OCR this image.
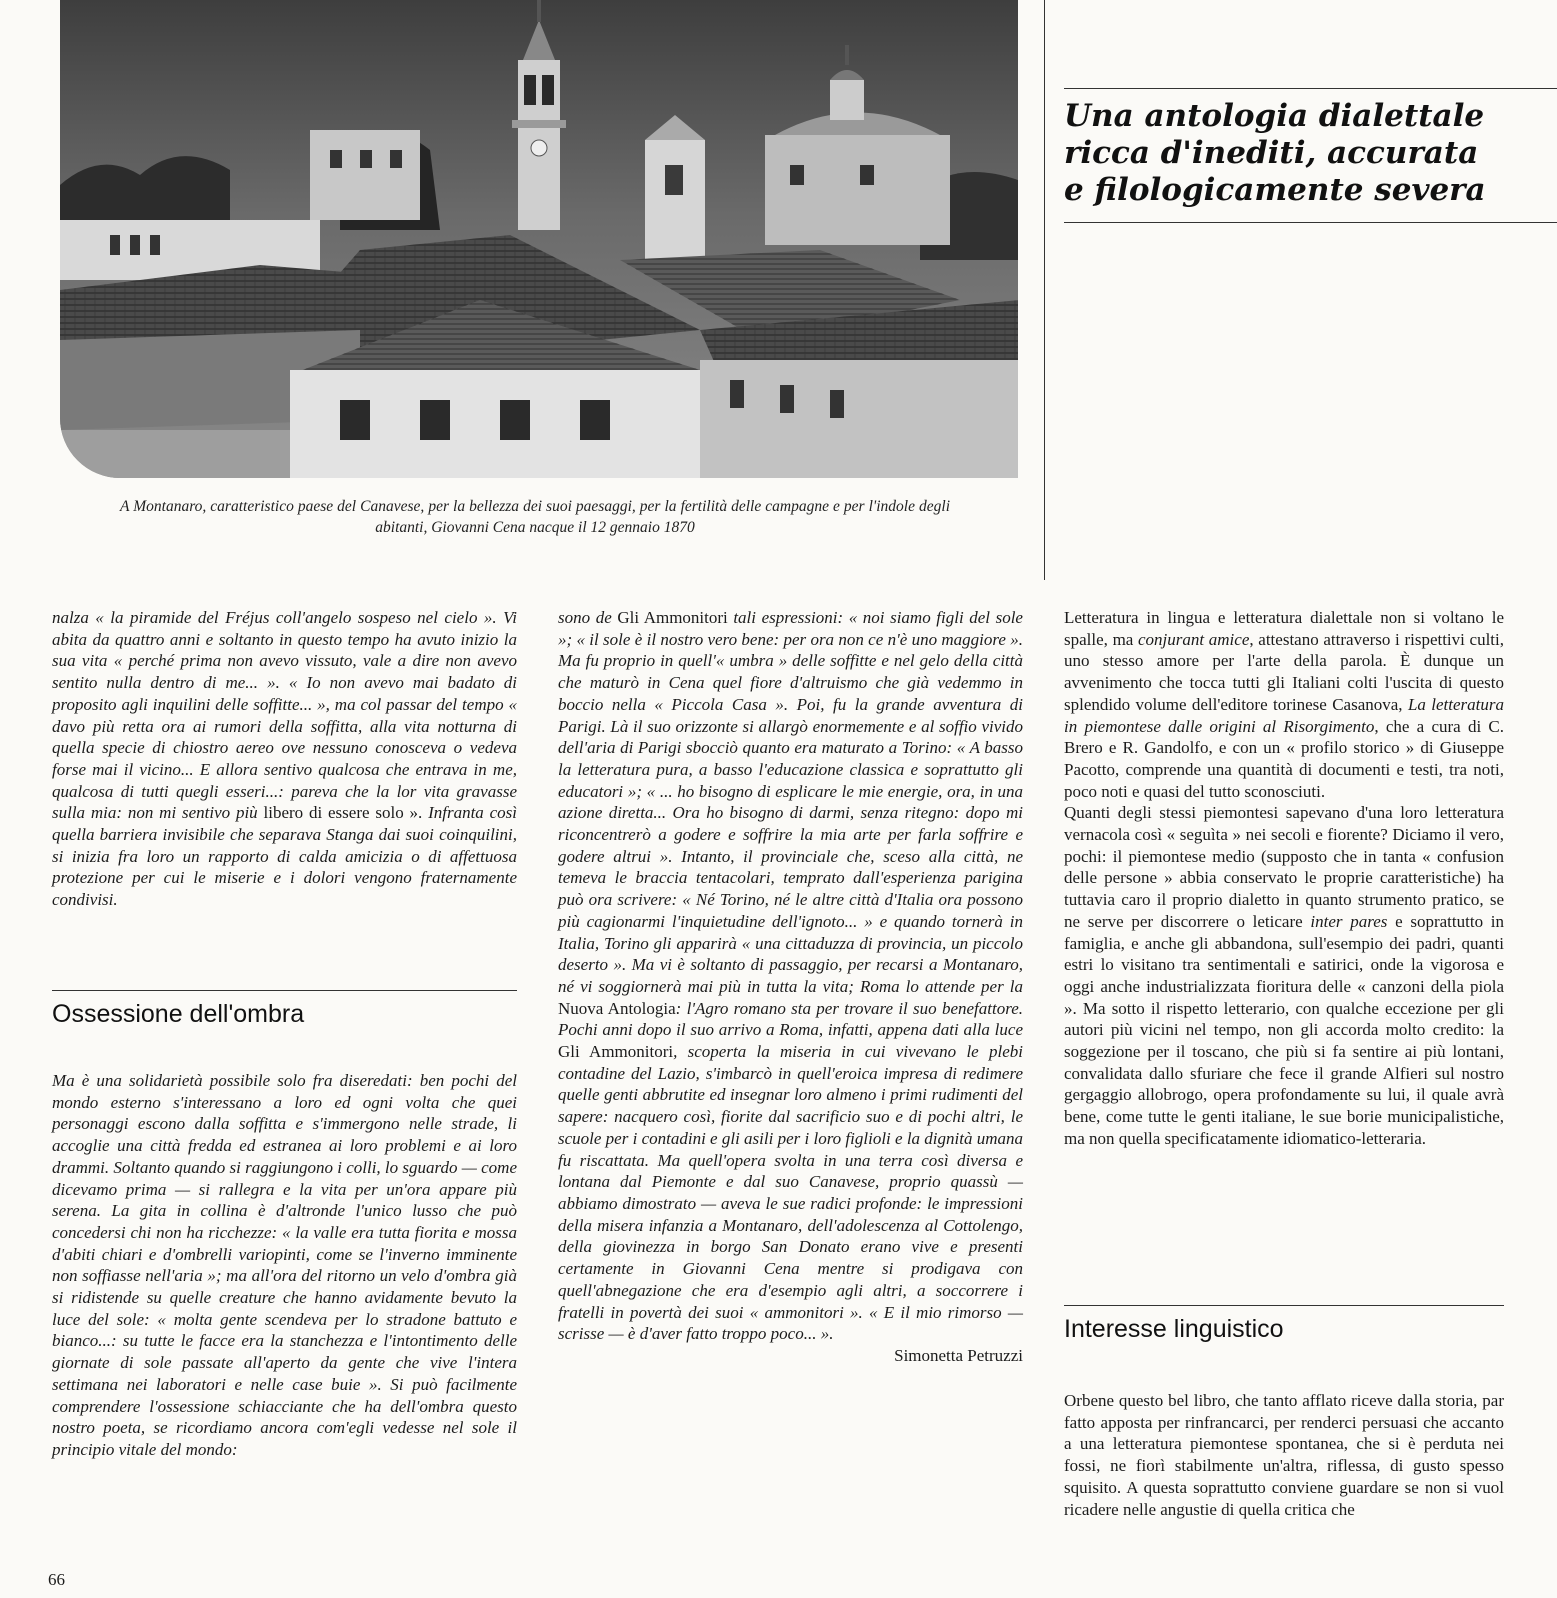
A Montanaro, caratteristico paese del Canavese, per la bellezza dei suoi paesaggi, per la fertilità delle campagne e per l'indole degli abitanti, Giovanni Cena nacque il 12 gennaio 1870
Una antologia dialettale
ricca d'inediti, accurata
e filologicamente severa

nalza « la piramide del Fréjus coll'angelo sospeso nel cielo ». Vi abita da quattro anni e soltanto in questo tempo ha avuto inizio la sua vita « perché prima non avevo vissuto, vale a dire non avevo sentito nulla dentro di me... ». « Io non avevo mai badato di proposito agli inquilini delle soffitte... », ma col passar del tempo « davo più retta ora ai rumori della soffitta, alla vita notturna di quella specie di chiostro aereo ove nessuno conosceva o vedeva forse mai il vicino... E allora sentivo qualcosa che entrava in me, qualcosa di tutti quegli esseri...: pareva che la lor vita gravasse sulla mia: non mi sentivo più libero di essere solo ». Infranta così quella barriera invisibile che separava Stanga dai suoi coinquilini, si inizia fra loro un rapporto di calda amicizia o di affettuosa protezione per cui le miserie e i dolori vengono fraternamente condivisi.

Ossessione dell'ombra

Ma è una solidarietà possibile solo fra diseredati: ben pochi del mondo esterno s'interessano a loro ed ogni volta che quei personaggi escono dalla soffitta e s'immergono nelle strade, li accoglie una città fredda ed estranea ai loro problemi e ai loro drammi. Soltanto quando si raggiungono i colli, lo sguardo — come dicevamo prima — si rallegra e la vita per un'ora appare più serena. La gita in collina è d'altronde l'unico lusso che può concedersi chi non ha ricchezze: « la valle era tutta fiorita e mossa d'abiti chiari e d'ombrelli variopinti, come se l'inverno imminente non soffiasse nell'aria »; ma all'ora del ritorno un velo d'ombra già si ridistende su quelle creature che hanno avidamente bevuto la luce del sole: « molta gente scendeva per lo stradone battuto e bianco...: su tutte le facce era la stanchezza e l'intontimento delle giornate di sole passate all'aperto da gente che vive l'intera settimana nei laboratori e nelle case buie ». Si può facilmente comprendere l'ossessione schiacciante che ha dell'ombra questo nostro poeta, se ricordiamo ancora com'egli vedesse nel sole il principio vitale del mondo:

sono de Gli Ammonitori tali espressioni: « noi siamo figli del sole »; « il sole è il nostro vero bene: per ora non ce n'è uno maggiore ». Ma fu proprio in quell'« umbra » delle soffitte e nel gelo della città che maturò in Cena quel fiore d'altruismo che già vedemmo in boccio nella « Piccola Casa ». Poi, fu la grande avventura di Parigi. Là il suo orizzonte si allargò enormemente e al soffio vivido dell'aria di Parigi sbocciò quanto era maturato a Torino: « A basso la letteratura pura, a basso l'educazione classica e soprattutto gli educatori »; « ... ho bisogno di esplicare le mie energie, ora, in una azione diretta... Ora ho bisogno di darmi, senza ritegno: dopo mi riconcentrerò a godere e soffrire la mia arte per farla soffrire e godere altrui ». Intanto, il provinciale che, sceso alla città, ne temeva le braccia tentacolari, temprato dall'esperienza parigina può ora scrivere: « Né Torino, né le altre città d'Italia ora possono più cagionarmi l'inquietudine dell'ignoto... » e quando tornerà in Italia, Torino gli apparirà « una cittaduzza di provincia, un piccolo deserto ». Ma vi è soltanto di passaggio, per recarsi a Montanaro, né vi soggiornerà mai più in tutta la vita; Roma lo attende per la Nuova Antologia: l'Agro romano sta per trovare il suo benefattore. Pochi anni dopo il suo arrivo a Roma, infatti, appena dati alla luce Gli Ammonitori, scoperta la miseria in cui vivevano le plebi contadine del Lazio, s'imbarcò in quell'eroica impresa di redimere quelle genti abbrutite ed insegnar loro almeno i primi rudimenti del sapere: nacquero così, fiorite dal sacrificio suo e di pochi altri, le scuole per i contadini e gli asili per i loro figlioli e la dignità umana fu riscattata. Ma quell'opera svolta in una terra così diversa e lontana dal Piemonte e dal suo Canavese, proprio quassù — abbiamo dimostrato — aveva le sue radici profonde: le impressioni della misera infanzia a Montanaro, dell'adolescenza al Cottolengo, della giovinezza in borgo San Donato erano vive e presenti certamente in Giovanni Cena mentre si prodigava con quell'abnegazione che era d'esempio agli altri, a soccorrere i fratelli in povertà dei suoi « ammonitori ». « E il mio rimorso — scrisse — è d'aver fatto troppo poco... ».

Simonetta Petruzzi

Letteratura in lingua e letteratura dialettale non si voltano le spalle, ma conjurant amice, attestano attraverso i rispettivi culti, uno stesso amore per l'arte della parola. È dunque un avvenimento che tocca tutti gli Italiani colti l'uscita di questo splendido volume dell'editore torinese Casanova, La letteratura in piemontese dalle origini al Risorgimento, che a cura di C. Brero e R. Gandolfo, e con un « profilo storico » di Giuseppe Pacotto, comprende una quantità di documenti e testi, tra noti, poco noti e quasi del tutto sconosciuti.

Quanti degli stessi piemontesi sapevano d'una loro letteratura vernacola così « seguìta » nei secoli e fiorente? Diciamo il vero, pochi: il piemontese medio (supposto che in tanta « confusion delle persone » abbia conservato le proprie caratteristiche) ha tuttavia caro il proprio dialetto in quanto strumento pratico, se ne serve per discorrere o leticare inter pares e soprattutto in famiglia, e anche gli abbandona, sull'esempio dei padri, quanti estri lo visitano tra sentimentali e satirici, onde la vigorosa e oggi anche industrializzata fioritura delle « canzoni della piola ». Ma sotto il rispetto letterario, con qualche eccezione per gli autori più vicini nel tempo, non gli accorda molto credito: la soggezione per il toscano, che più si fa sentire ai più lontani, convalidata dallo sfuriare che fece il grande Alfieri sul nostro gergaggio allobrogo, opera profondamente su lui, il quale avrà bene, come tutte le genti italiane, le sue borie municipalistiche, ma non quella specificatamente idiomatico-letteraria.

Interesse linguistico

Orbene questo bel libro, che tanto afflato riceve dalla storia, par fatto apposta per rinfrancarci, per renderci persuasi che accanto a una letteratura piemontese spontanea, che si è perduta nei fossi, ne fiorì stabilmente un'altra, riflessa, di gusto spesso squisito. A questa soprattutto conviene guardare se non si vuol ricadere nelle angustie di quella critica che

66
